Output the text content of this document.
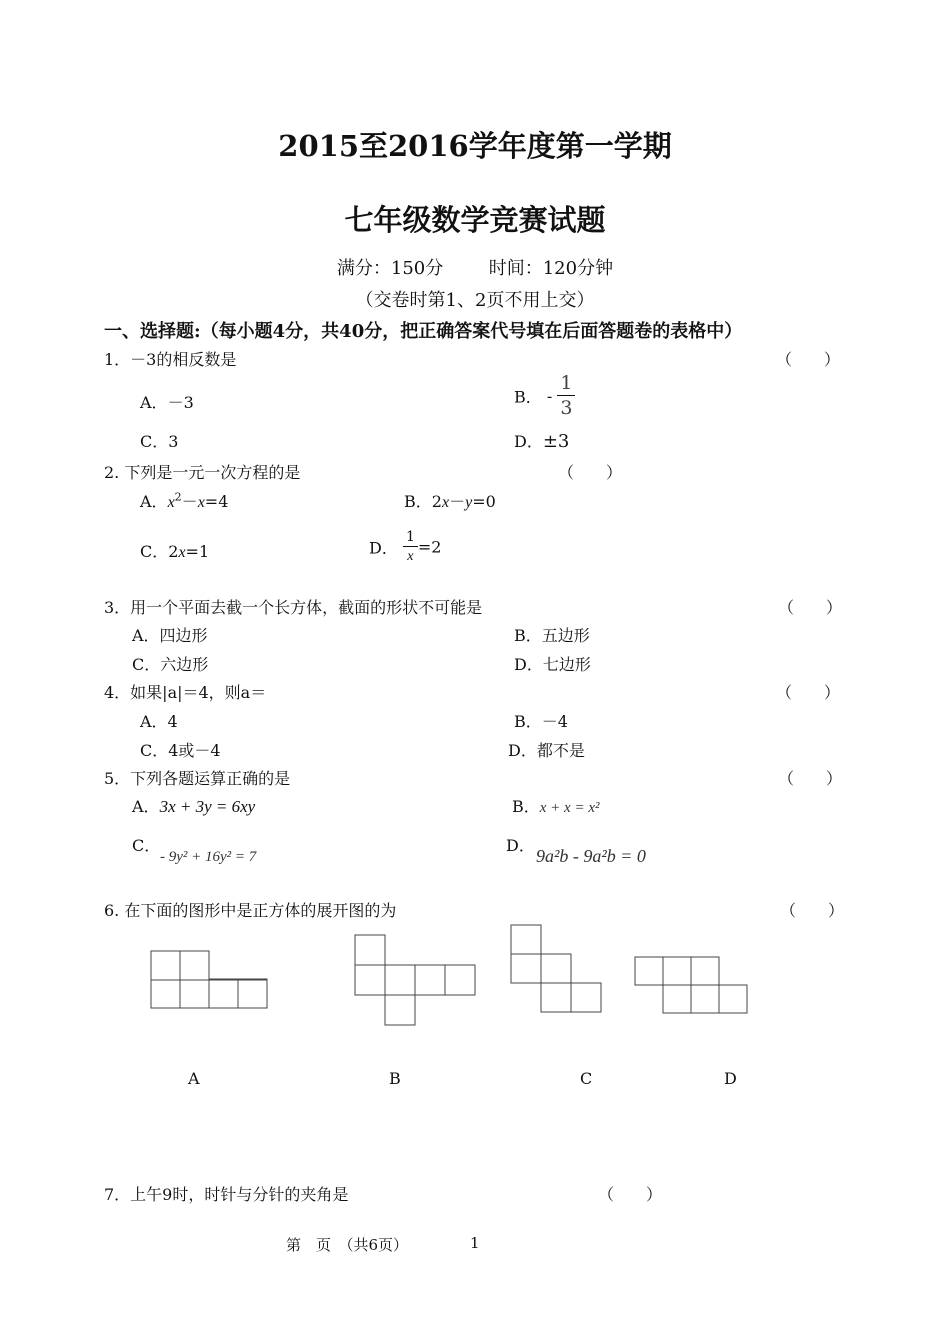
2015至2016学年度第一学期
七年级数学竞赛试题
满分：150分	时间：120分钟
（交卷时第1、2页不用上交）
一、选择题:（每小题4分，共40分，把正确答案代号填在后面答题卷的表格中）
1．－3的相反数是	（　　）
A．－3	B． - $\frac{1}{3}$
C．3	D．±3
2. 下列是一元一次方程的是	（　　）
A．$x^2-x=4$	B．2x－y=0
C．2x=1	D． $\frac{1}{x} =2$
3．用一个平面去截一个长方体，截面的形状不可能是	（　　）
A．四边形	B．五边形
C．六边形	D．七边形
4．如果|a|＝4，则a＝	（　　）
A．4	B．－4
C．4或－4	D．都不是
5．下列各题运算正确的是	（　　）
A．3x + 3y = 6xy	B．x + x = x²
C．
- 9y² + 16y² = 7
D．
9a²b - 9a²b = 0
6. 在下面的图形中是正方体的展开图的为	（　　）
A	B	C	D
7．上午9时，时针与分针的夹角是	（　　）
第　页　（共6页）	1
